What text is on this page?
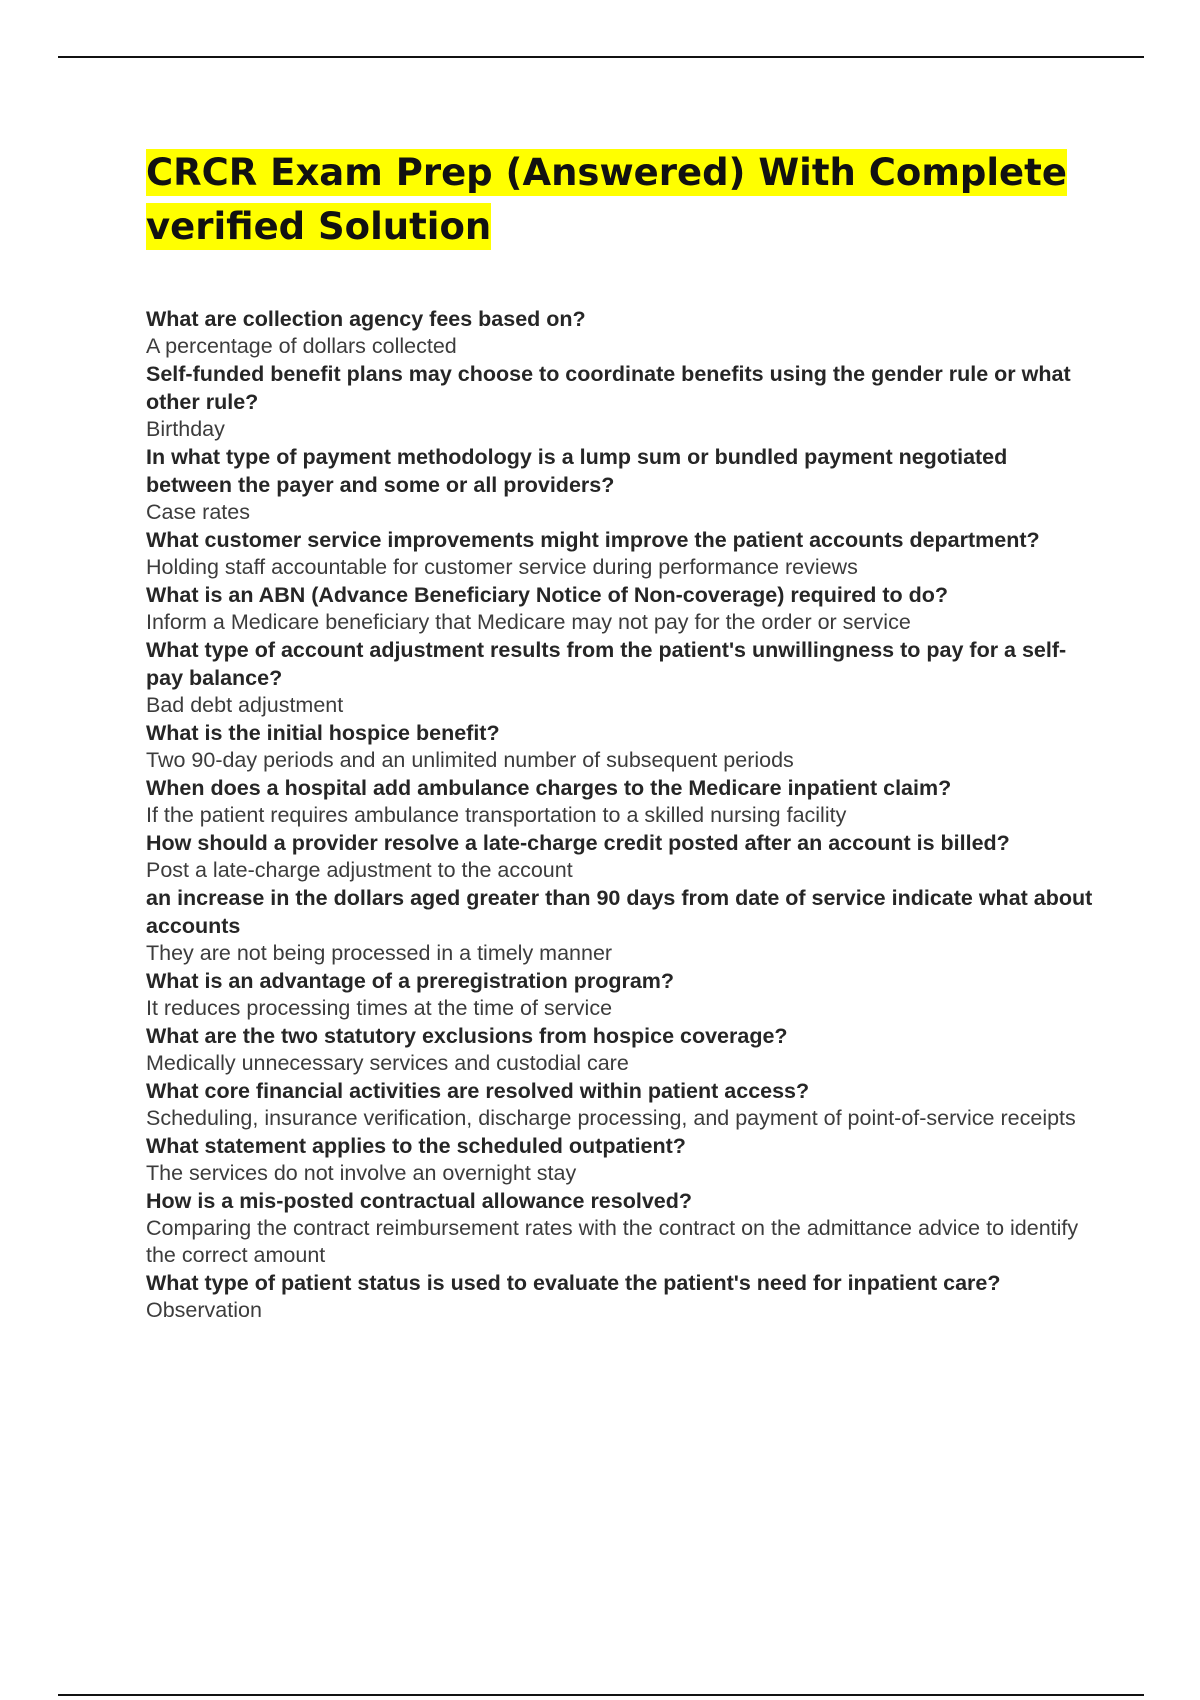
CRCR Exam Prep (Answered) With Complete verified Solution
What are collection agency fees based on?
A percentage of dollars collected
Self-funded benefit plans may choose to coordinate benefits using the gender rule or what other rule?
Birthday
In what type of payment methodology is a lump sum or bundled payment negotiated between the payer and some or all providers?
Case rates
What customer service improvements might improve the patient accounts department?
Holding staff accountable for customer service during performance reviews
What is an ABN (Advance Beneficiary Notice of Non-coverage) required to do?
Inform a Medicare beneficiary that Medicare may not pay for the order or service
What type of account adjustment results from the patient's unwillingness to pay for a self-pay balance?
Bad debt adjustment
What is the initial hospice benefit?
Two 90-day periods and an unlimited number of subsequent periods
When does a hospital add ambulance charges to the Medicare inpatient claim?
If the patient requires ambulance transportation to a skilled nursing facility
How should a provider resolve a late-charge credit posted after an account is billed?
Post a late-charge adjustment to the account
an increase in the dollars aged greater than 90 days from date of service indicate what about accounts
They are not being processed in a timely manner
What is an advantage of a preregistration program?
It reduces processing times at the time of service
What are the two statutory exclusions from hospice coverage?
Medically unnecessary services and custodial care
What core financial activities are resolved within patient access?
Scheduling, insurance verification, discharge processing, and payment of point-of-service receipts
What statement applies to the scheduled outpatient?
The services do not involve an overnight stay
How is a mis-posted contractual allowance resolved?
Comparing the contract reimbursement rates with the contract on the admittance advice to identify the correct amount
What type of patient status is used to evaluate the patient's need for inpatient care?
Observation
